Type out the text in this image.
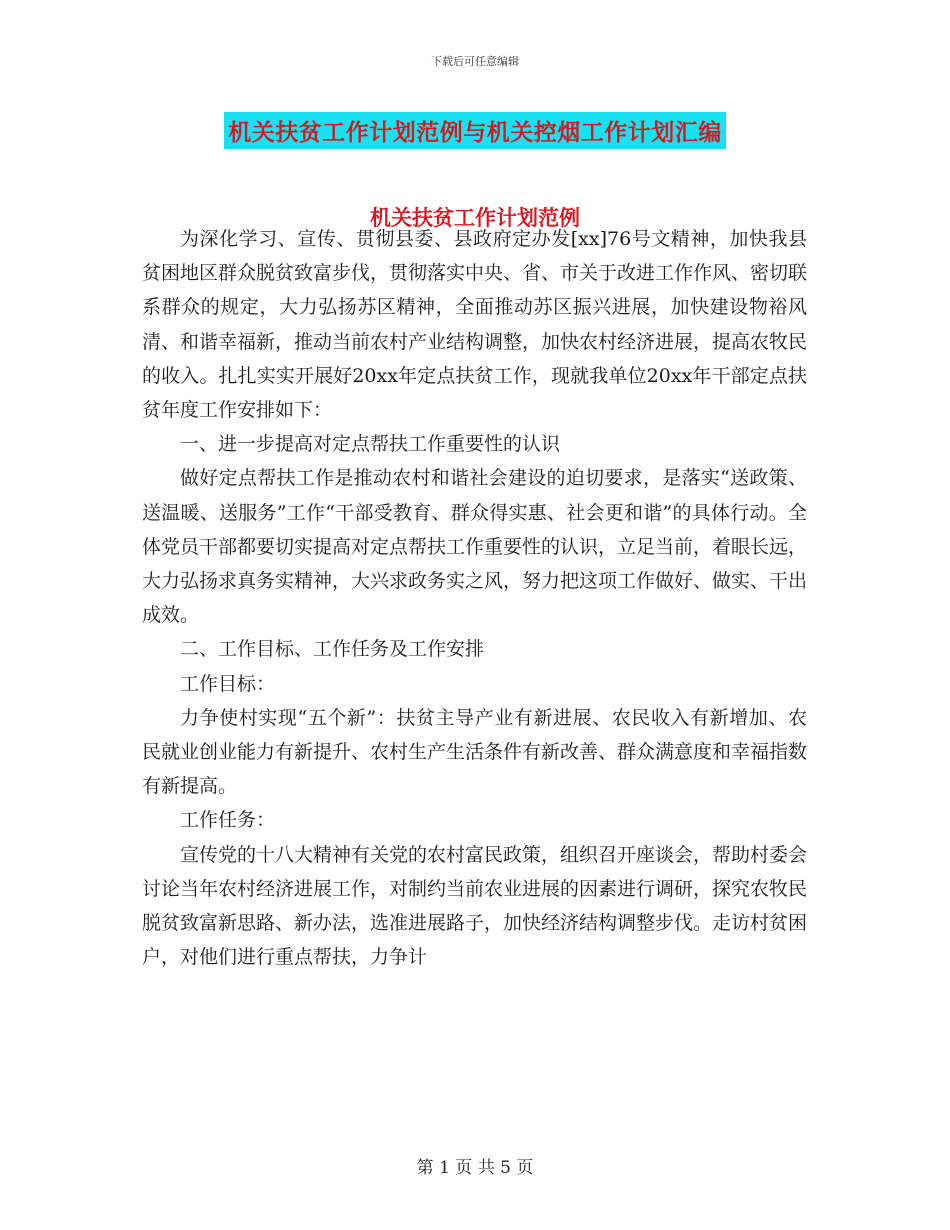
下载后可任意编辑
机关扶贫工作计划范例与机关控烟工作计划汇编
机关扶贫工作计划范例

为深化学习、宣传、贯彻县委、县政府定办发[xx]76号文精神，加快我县贫困地区群众脱贫致富步伐，贯彻落实中央、省、市关于改进工作作风、密切联系群众的规定，大力弘扬苏区精神，全面推动苏区振兴进展，加快建设物裕风清、和谐幸福新，推动当前农村产业结构调整，加快农村经济进展，提高农牧民的收入。扎扎实实开展好20xx年定点扶贫工作，现就我单位20xx年干部定点扶贫年度工作安排如下：

一、进一步提高对定点帮扶工作重要性的认识

做好定点帮扶工作是推动农村和谐社会建设的迫切要求，是落实“送政策、送温暖、送服务”工作“干部受教育、群众得实惠、社会更和谐”的具体行动。全体党员干部都要切实提高对定点帮扶工作重要性的认识，立足当前，着眼长远，大力弘扬求真务实精神，大兴求政务实之风，努力把这项工作做好、做实、干出成效。

二、工作目标、工作任务及工作安排

工作目标：

力争使村实现“五个新”：扶贫主导产业有新进展、农民收入有新增加、农民就业创业能力有新提升、农村生产生活条件有新改善、群众满意度和幸福指数有新提高。

工作任务：

宣传党的十八大精神有关党的农村富民政策，组织召开座谈会，帮助村委会讨论当年农村经济进展工作，对制约当前农业进展的因素进行调研，探究农牧民脱贫致富新思路、新办法，选准进展路子，加快经济结构调整步伐。走访村贫困户，对他们进行重点帮扶，力争计

第 1 页 共 5 页
